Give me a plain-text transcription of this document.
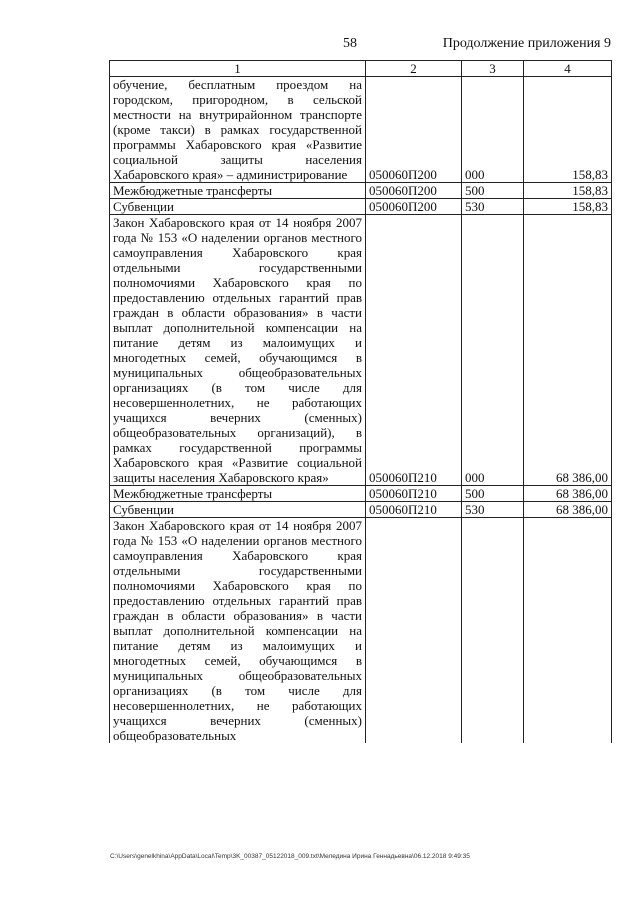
58	Продолжение приложения 9
1	2	3	4
обучение, бесплатным проездом на городском, пригородном, в сельской местности на внутрирайонном транспорте (кроме такси) в рамках государственной программы Хабаровского края «Развитие социальной защиты населения Хабаровского края» – администрирование	050060П200	000	158,83
Межбюджетные трансферты	050060П200	500	158,83
Субвенции	050060П200	530	158,83
Закон Хабаровского края от 14 ноября 2007 года № 153 «О наделении органов местного самоуправления Хабаровского края отдельными государственными полномочиями Хабаровского края по предоставлению отдельных гарантий прав граждан в области образования» в части выплат дополнительной компенсации на питание детям из малоимущих и многодетных семей, обучающимся в муниципальных общеобразовательных организациях (в том числе для несовершеннолетних, не работающих учащихся вечерних (сменных) общеобразовательных организаций), в рамках государственной программы Хабаровского края «Развитие социальной защиты населения Хабаровского края»	050060П210	000	68 386,00
Межбюджетные трансферты	050060П210	500	68 386,00
Субвенции	050060П210	530	68 386,00
Закон Хабаровского края от 14 ноября 2007 года № 153 «О наделении органов местного самоуправления Хабаровского края отдельными государственными полномочиями Хабаровского края по предоставлению отдельных гарантий прав граждан в области образования» в части выплат дополнительной компенсации на питание детям из малоимущих и многодетных семей, обучающимся в муниципальных общеобразовательных организациях (в том числе для несовершеннолетних, не работающих учащихся вечерних (сменных) общеобразовательных			
C:\Users\genelkhina\AppData\Local\Temp\3K_00387_05122018_009.txt\Меледина Ирина Геннадьевна\06.12.2018 9:49:35
